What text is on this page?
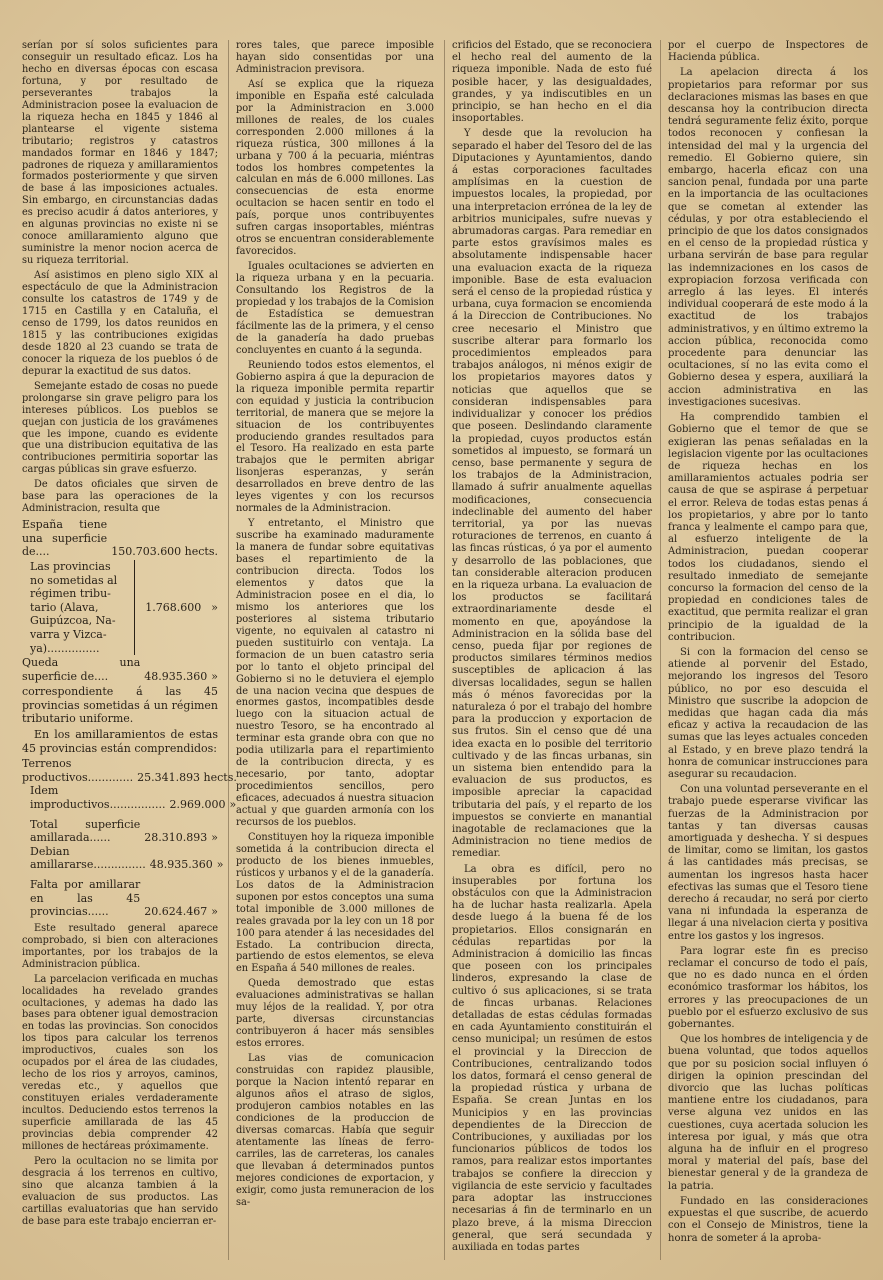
serían por sí solos suficientes para conseguir un resultado eficaz. Los ha hecho en diversas épocas con escasa fortuna, y por resultado de perseverantes trabajos la Administracion posee la evaluacion de la riqueza hecha en 1845 y 1846 al plantearse el vigente sistema tributario; registros y catastros mandados formar en 1846 y 1847; padrones de riqueza y amillaramientos formados posteriormente y que sirven de base á las imposiciones actuales. Sin embargo, en circunstancias dadas es preciso acudir á datos anteriores, y en algunas provincias no existe ni se conoce amillaramiento alguno que suministre la menor nocion acerca de su riqueza territorial.

Así asistimos en pleno siglo XIX al espectáculo de que la Administracion consulte los catastros de 1749 y de 1715 en Castilla y en Cataluña, el censo de 1799, los datos reunidos en 1815 y las contribuciones exigidas desde 1820 al 23 cuando se trata de conocer la riqueza de los pueblos ó de depurar la exactitud de sus datos.

Semejante estado de cosas no puede prolongarse sin grave peligro para los intereses públicos. Los pueblos se quejan con justicia de los gravámenes que les impone, cuando es evidente que una distribucion equitativa de las contribuciones permitiria soportar las cargas públicas sin grave esfuerzo.

De datos oficiales que sirven de base para las operaciones de la Administracion, resulta que

España tiene una superficie de....	150.703.600 hects.
Las provincias
no sometidas al
régimen tribu-
tario (Alava,
Guipúzcoa, Na-
varra y Vizca-
ya)...............
1.768.600 »
Queda una superficie de....	48.935.360 »
correspondiente á las 45 provincias sometidas á un régimen tributario uniforme.
En los amillaramientos de estas 45 provincias están comprendidos:
Terrenos productivos............. 25.341.893 hects.
Idem improductivos................ 2.969.000 »
Total superficie amillarada......	28.310.893 »
Debian amillararse............... 48.935.360 »
Falta por amillarar en las 45 provincias......	20.624.467 »

Este resultado general aparece comprobado, si bien con alteraciones importantes, por los trabajos de la Administracion pública.

La parcelacion verificada en muchas localidades ha revelado grandes ocultaciones, y ademas ha dado las bases para obtener igual demostracion en todas las provincias. Son conocidos los tipos para calcular los terrenos improductivos, cuales son los ocupados por el área de las ciudades, lecho de los rios y arroyos, caminos, veredas etc., y aquellos que constituyen eriales verdaderamente incultos. Deduciendo estos terrenos la superficie amillarada de las 45 provincias debia comprender 42 millones de hectáreas próximamente.

Pero la ocultacion no se limita por desgracia á los terrenos en cultivo, sino que alcanza tambien á la evaluacion de sus productos. Las cartillas evaluatorias que han servido de base para este trabajo encierran er-

rores tales, que parece imposible hayan sido consentidas por una Administracion previsora.

Así se explica que la riqueza imponible en España esté calculada por la Administracion en 3.000 millones de reales, de los cuales corresponden 2.000 millones á la riqueza rústica, 300 millones á la urbana y 700 á la pecuaria, miéntras todos los hombres competentes la calculan en más de 6.000 millones. Las consecuencias de esta enorme ocultacion se hacen sentir en todo el país, porque unos contribuyentes sufren cargas insoportables, miéntras otros se encuentran considerablemente favorecidos.

Iguales ocultaciones se advierten en la riqueza urbana y en la pecuaria. Consultando los Registros de la propiedad y los trabajos de la Comision de Estadística se demuestran fácilmente las de la primera, y el censo de la ganadería ha dado pruebas concluyentes en cuanto á la segunda.

Reuniendo todos estos elementos, el Gobierno aspira á que la depuracion de la riqueza imponible permita repartir con equidad y justicia la contribucion territorial, de manera que se mejore la situacion de los contribuyentes produciendo grandes resultados para el Tesoro. Ha realizado en esta parte trabajos que le permiten abrigar lisonjeras esperanzas, y serán desarrollados en breve dentro de las leyes vigentes y con los recursos normales de la Administracion.

Y entretanto, el Ministro que suscribe ha examinado maduramente la manera de fundar sobre equitativas bases el repartimiento de la contribucion directa. Todos los elementos y datos que la Administracion posee en el dia, lo mismo los anteriores que los posteriores al sistema tributario vigente, no equivalen al catastro ni pueden sustituirlo con ventaja. La formacion de un buen catastro seria por lo tanto el objeto principal del Gobierno si no le detuviera el ejemplo de una nacion vecina que despues de enormes gastos, incompatibles desde luego con la situacion actual de nuestro Tesoro, se ha encontrado al terminar esta grande obra con que no podia utilizarla para el repartimiento de la contribucion directa, y es necesario, por tanto, adoptar procedimientos sencillos, pero eficaces, adecuados á nuestra situacion actual y que guarden armonía con los recursos de los pueblos.

Constituyen hoy la riqueza imponible sometida á la contribucion directa el producto de los bienes inmuebles, rústicos y urbanos y el de la ganadería. Los datos de la Administracion suponen por estos conceptos una suma total imponible de 3.000 millones de reales gravada por la ley con un 18 por 100 para atender á las necesidades del Estado. La contribucion directa, partiendo de estos elementos, se eleva en España á 540 millones de reales.

Queda demostrado que estas evaluaciones administrativas se hallan muy léjos de la realidad. Y, por otra parte, diversas circunstancias contribuyeron á hacer más sensibles estos errores.

Las vias de comunicacion construidas con rapidez plausible, porque la Nacion intentó reparar en algunos años el atraso de siglos, produjeron cambios notables en las condiciones de la produccion de diversas comarcas. Había que seguir atentamente las líneas de ferro-carriles, las de carreteras, los canales que llevaban á determinados puntos mejores condiciones de exportacion, y exigir, como justa remuneracion de los sa-

crificios del Estado, que se reconociera el hecho real del aumento de la riqueza imponible. Nada de esto fué posible hacer, y las desigualdades, grandes, y ya indiscutibles en un principio, se han hecho en el dia insoportables.

Y desde que la revolucion ha separado el haber del Tesoro del de las Diputaciones y Ayuntamientos, dando á estas corporaciones facultades amplísimas en la cuestion de impuestos locales, la propiedad, por una interpretacion errónea de la ley de arbitrios municipales, sufre nuevas y abrumadoras cargas. Para remediar en parte estos gravísimos males es absolutamente indispensable hacer una evaluacion exacta de la riqueza imponible. Base de esta evaluacion será el censo de la propiedad rústica y urbana, cuya formacion se encomienda á la Direccion de Contribuciones. No cree necesario el Ministro que suscribe alterar para formarlo los procedimientos empleados para trabajos análogos, ni ménos exigir de los propietarios mayores datos y noticias que aquellos que se consideran indispensables para individualizar y conocer los prédios que poseen. Deslindando claramente la propiedad, cuyos productos están sometidos al impuesto, se formará un censo, base permanente y segura de los trabajos de la Administracion, llamado á sufrir anualmente aquellas modificaciones, consecuencia indeclinable del aumento del haber territorial, ya por las nuevas roturaciones de terrenos, en cuanto á las fincas rústicas, ó ya por el aumento y desarrollo de las poblaciones, que tan considerable alteracion producen en la riqueza urbana. La evaluacion de los productos se facilitará extraordinariamente desde el momento en que, apoyándose la Administracion en la sólida base del censo, pueda fijar por regiones de productos similares términos medios susceptibles de aplicacion á las diversas localidades, segun se hallen más ó ménos favorecidas por la naturaleza ó por el trabajo del hombre para la produccion y exportacion de sus frutos. Sin el censo que dé una idea exacta en lo posible del territorio cultivado y de las fincas urbanas, sin un sistema bien entendido para la evaluacion de sus productos, es imposible apreciar la capacidad tributaria del país, y el reparto de los impuestos se convierte en manantial inagotable de reclamaciones que la Administracion no tiene medios de remediar.

La obra es difícil, pero no insuperables por fortuna los obstáculos con que la Administracion ha de luchar hasta realizarla. Apela desde luego á la buena fé de los propietarios. Ellos consignarán en cédulas repartidas por la Administracion á domicilio las fincas que poseen con los principales linderos, expresando la clase de cultivo ó sus aplicaciones, si se trata de fincas urbanas. Relaciones detalladas de estas cédulas formadas en cada Ayuntamiento constituirán el censo municipal; un resúmen de estos el provincial y la Direccion de Contribuciones, centralizando todos los datos, formará el censo general de la propiedad rústica y urbana de España. Se crean Juntas en los Municipios y en las provincias dependientes de la Direccion de Contribuciones, y auxiliadas por los funcionarios públicos de todos los ramos, para realizar estos importantes trabajos se confiere la direccion y vigilancia de este servicio y facultades para adoptar las instrucciones necesarias á fin de terminarlo en un plazo breve, á la misma Direccion general, que será secundada y auxiliada en todas partes

por el cuerpo de Inspectores de Hacienda pública.

La apelacion directa á los propietarios para reformar por sus declaraciones mismas las bases en que descansa hoy la contribucion directa tendrá seguramente feliz éxito, porque todos reconocen y confiesan la intensidad del mal y la urgencia del remedio. El Gobierno quiere, sin embargo, hacerla eficaz con una sancion penal, fundada por una parte en la importancia de las ocultaciones que se cometan al extender las cédulas, y por otra estableciendo el principio de que los datos consignados en el censo de la propiedad rústica y urbana servirán de base para regular las indemnizaciones en los casos de expropiacion forzosa verificada con arreglo á las leyes. El interés individual cooperará de este modo á la exactitud de los trabajos administrativos, y en último extremo la accion pública, reconocida como procedente para denunciar las ocultaciones, sí no las evita como el Gobierno desea y espera, auxiliará la accion administrativa en las investigaciones sucesivas.

Ha comprendido tambien el Gobierno que el temor de que se exigieran las penas señaladas en la legislacion vigente por las ocultaciones de riqueza hechas en los amillaramientos actuales podria ser causa de que se aspirase á perpetuar el error. Releva de todas estas penas á los propietarios, y abre por lo tanto franca y lealmente el campo para que, al esfuerzo inteligente de la Administracion, puedan cooperar todos los ciudadanos, siendo el resultado inmediato de semejante concurso la formacion del censo de la propiedad en condiciones tales de exactitud, que permita realizar el gran principio de la igualdad de la contribucion.

Si con la formacion del censo se atiende al porvenir del Estado, mejorando los ingresos del Tesoro público, no por eso descuida el Ministro que suscribe la adopcion de medidas que hagan cada dia más eficaz y activa la recaudacion de las sumas que las leyes actuales conceden al Estado, y en breve plazo tendrá la honra de comunicar instrucciones para asegurar su recaudacion.

Con una voluntad perseverante en el trabajo puede esperarse vivificar las fuerzas de la Administracion por tantas y tan diversas causas amortiguada y deshecha. Y si despues de limitar, como se limitan, los gastos á las cantidades más precisas, se aumentan los ingresos hasta hacer efectivas las sumas que el Tesoro tiene derecho á recaudar, no será por cierto vana ni infundada la esperanza de llegar á una nivelacion cierta y positiva entre los gastos y los ingresos.

Para lograr este fin es preciso reclamar el concurso de todo el país, que no es dado nunca en el órden económico trasformar los hábitos, los errores y las preocupaciones de un pueblo por el esfuerzo exclusivo de sus gobernantes.

Que los hombres de inteligencia y de buena voluntad, que todos aquellos que por su posicion social influyen ó dirigen la opinion prescindan del divorcio que las luchas políticas mantiene entre los ciudadanos, para verse alguna vez unidos en las cuestiones, cuya acertada solucion les interesa por igual, y más que otra alguna ha de influir en el progreso moral y material del país, base del bienestar general y de la grandeza de la patria.

Fundado en las consideraciones expuestas el que suscribe, de acuerdo con el Consejo de Ministros, tiene la honra de someter á la aproba-
